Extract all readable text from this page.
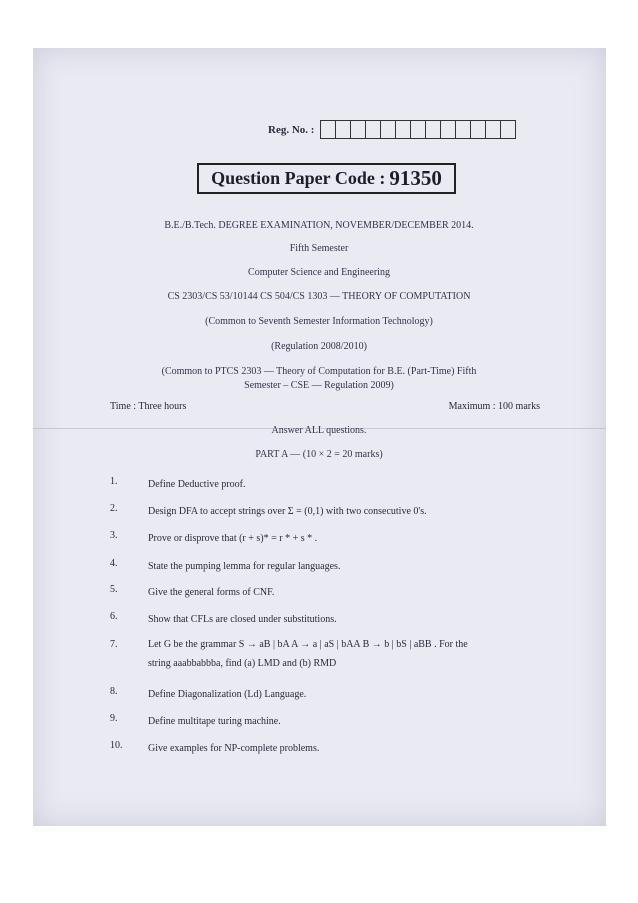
Reg. No. :
Question Paper Code : 91350
B.E./B.Tech. DEGREE EXAMINATION, NOVEMBER/DECEMBER 2014.
Fifth Semester
Computer Science and Engineering
CS 2303/CS 53/10144 CS 504/CS 1303 — THEORY OF COMPUTATION
(Common to Seventh Semester Information Technology)
(Regulation 2008/2010)
(Common to PTCS 2303 — Theory of Computation for B.E. (Part-Time) Fifth
Semester – CSE — Regulation 2009)
Time : Three hours	Maximum : 100 marks
Answer ALL questions.
PART A — (10 × 2 = 20 marks)
1.	Define Deductive proof.
2.	Design DFA to accept strings over Σ = (0,1) with two consecutive 0's.
3.	Prove or disprove that (r + s)* = r * + s * .
4.	State the pumping lemma for regular languages.
5.	Give the general forms of CNF.
6.	Show that CFLs are closed under substitutions.
7.	Let G be the grammar S → aB | bA A → a | aS | bAA B → b | bS | aBB . For the
string aaabbabbba, find (a) LMD and (b) RMD
8.	Define Diagonalization (Ld) Language.
9.	Define multitape turing machine.
10.	Give examples for NP-complete problems.
